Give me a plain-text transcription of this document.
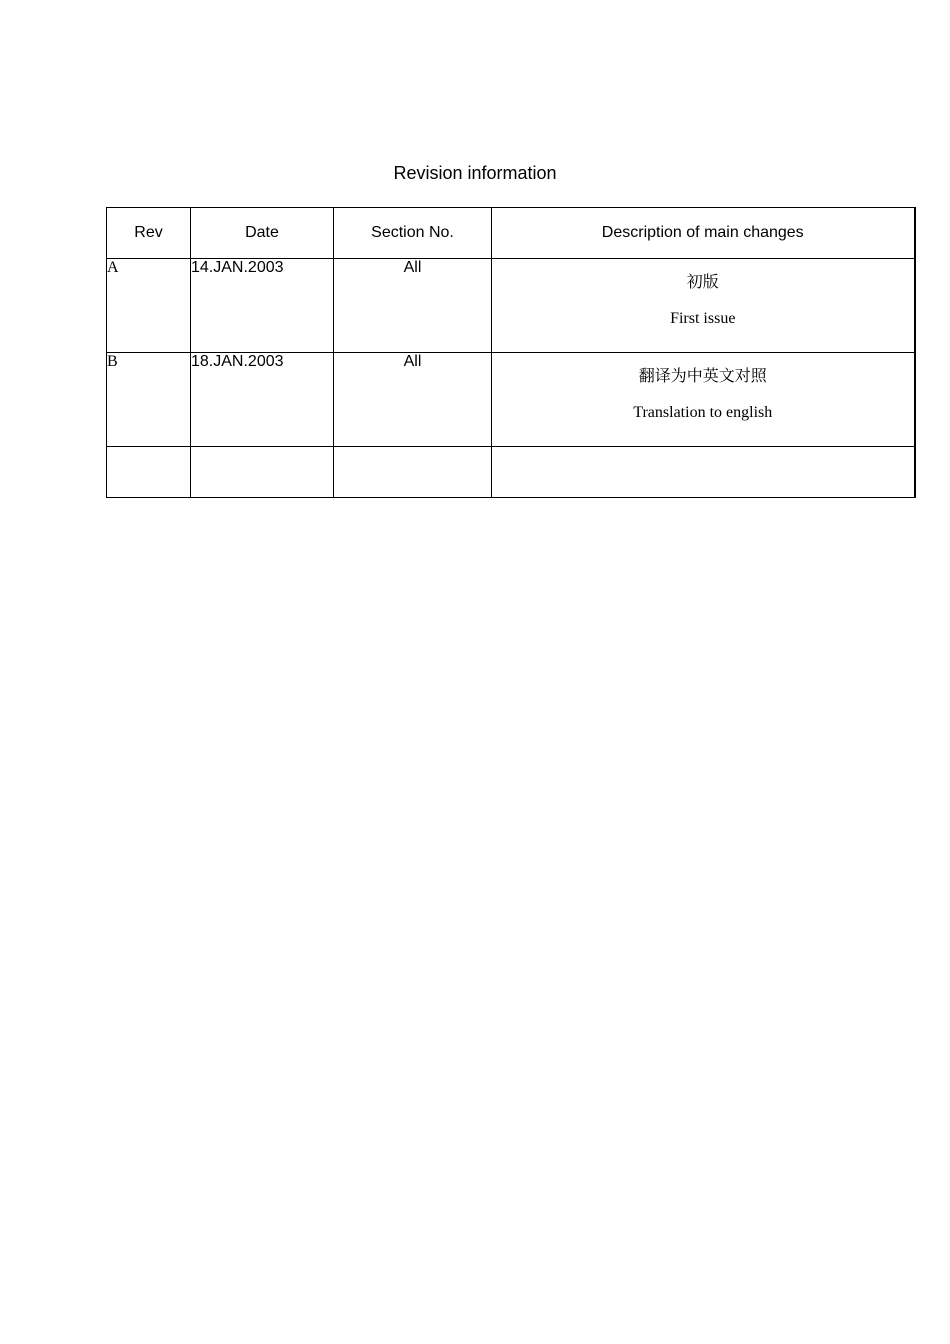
Revision information
Rev	Date	Section No.	Description of main changes
A	14.JAN.2003	All	初版
First issue

B	18.JAN.2003	All	翻译为中英文对照
Translation to english
